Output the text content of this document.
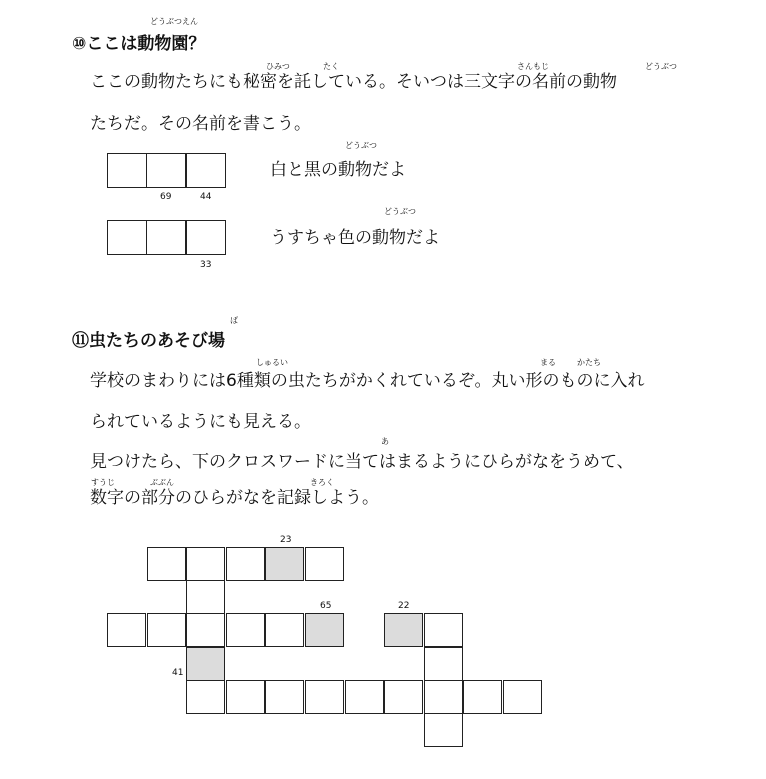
どうぶつえん
⑩ここは動物園？
ひみつ	たく	さんもじ	どうぶつ
ここの動物たちにも秘密を託している。そいつは三文字の名前の動物
たちだ。その名前を書こう。
69	44
どうぶつ
白と黒の動物だよ
33
どうぶつ
うすちゃ色の動物だよ
ば
⑪虫たちのあそび場
しゅるい	まる	かたち
学校のまわりには6種類の虫たちがかくれているぞ。丸い形のものに入れ
られているようにも見える。
あ
見つけたら、下のクロスワードに当てはまるようにひらがなをうめて、
すうじ	ぶぶん	きろく
数字の部分のひらがなを記録しよう。
23
65	22
41
